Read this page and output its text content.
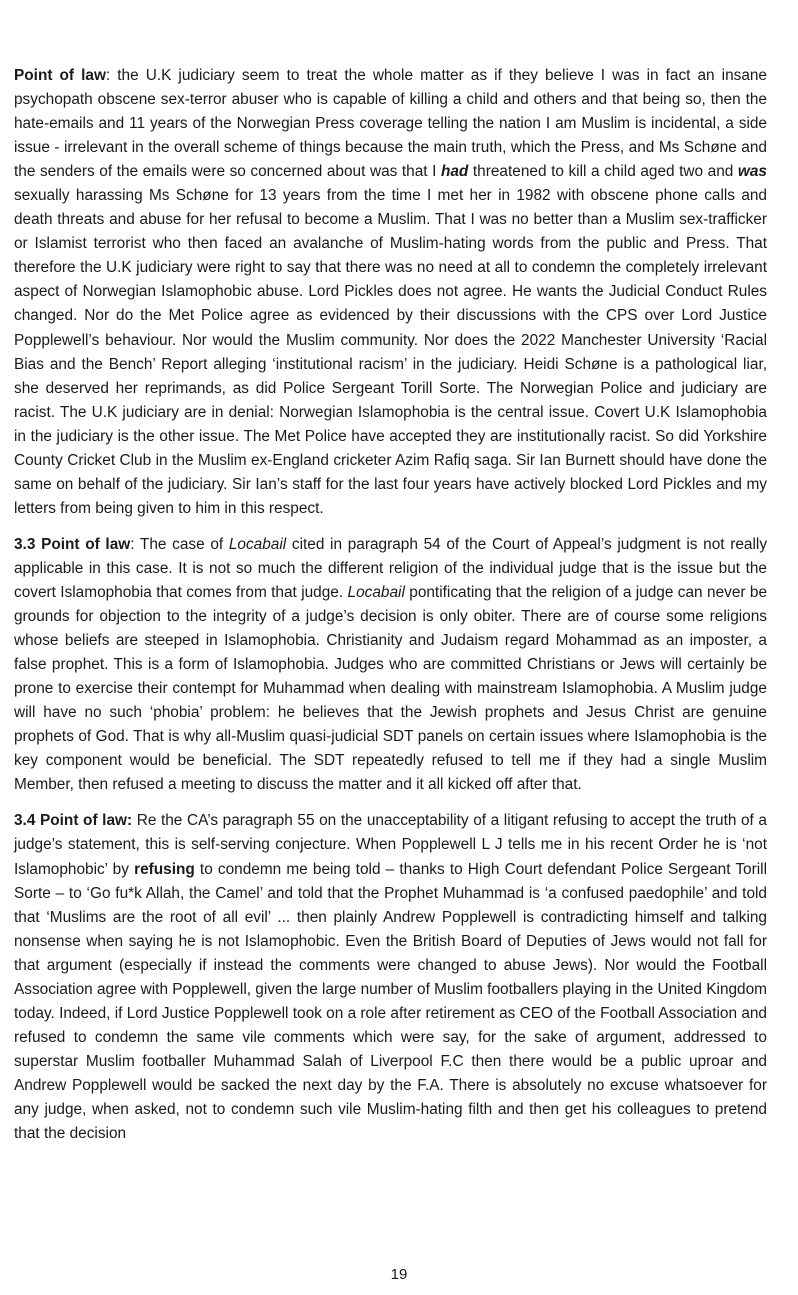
Point of law: the U.K judiciary seem to treat the whole matter as if they believe I was in fact an insane psychopath obscene sex-terror abuser who is capable of killing a child and others and that being so, then the hate-emails and 11 years of the Norwegian Press coverage telling the nation I am Muslim is incidental, a side issue - irrelevant in the overall scheme of things because the main truth, which the Press, and Ms Schøne and the senders of the emails were so concerned about was that I had threatened to kill a child aged two and was sexually harassing Ms Schøne for 13 years from the time I met her in 1982 with obscene phone calls and death threats and abuse for her refusal to become a Muslim. That I was no better than a Muslim sex-trafficker or Islamist terrorist who then faced an avalanche of Muslim-hating words from the public and Press. That therefore the U.K judiciary were right to say that there was no need at all to condemn the completely irrelevant aspect of Norwegian Islamophobic abuse. Lord Pickles does not agree. He wants the Judicial Conduct Rules changed. Nor do the Met Police agree as evidenced by their discussions with the CPS over Lord Justice Popplewell’s behaviour. Nor would the Muslim community. Nor does the 2022 Manchester University ‘Racial Bias and the Bench’ Report alleging ‘institutional racism’ in the judiciary. Heidi Schøne is a pathological liar, she deserved her reprimands, as did Police Sergeant Torill Sorte. The Norwegian Police and judiciary are racist. The U.K judiciary are in denial: Norwegian Islamophobia is the central issue. Covert U.K Islamophobia in the judiciary is the other issue. The Met Police have accepted they are institutionally racist. So did Yorkshire County Cricket Club in the Muslim ex-England cricketer Azim Rafiq saga. Sir Ian Burnett should have done the same on behalf of the judiciary. Sir Ian’s staff for the last four years have actively blocked Lord Pickles and my letters from being given to him in this respect.

3.3 Point of law: The case of Locabail cited in paragraph 54 of the Court of Appeal’s judgment is not really applicable in this case. It is not so much the different religion of the individual judge that is the issue but the covert Islamophobia that comes from that judge. Locabail pontificating that the religion of a judge can never be grounds for objection to the integrity of a judge’s decision is only obiter. There are of course some religions whose beliefs are steeped in Islamophobia. Christianity and Judaism regard Mohammad as an imposter, a false prophet. This is a form of Islamophobia. Judges who are committed Christians or Jews will certainly be prone to exercise their contempt for Muhammad when dealing with mainstream Islamophobia. A Muslim judge will have no such ‘phobia’ problem: he believes that the Jewish prophets and Jesus Christ are genuine prophets of God. That is why all-Muslim quasi-judicial SDT panels on certain issues where Islamophobia is the key component would be beneficial. The SDT repeatedly refused to tell me if they had a single Muslim Member, then refused a meeting to discuss the matter and it all kicked off after that.

3.4 Point of law: Re the CA’s paragraph 55 on the unacceptability of a litigant refusing to accept the truth of a judge’s statement, this is self-serving conjecture. When Popplewell L J tells me in his recent Order he is ‘not Islamophobic’ by refusing to condemn me being told – thanks to High Court defendant Police Sergeant Torill Sorte – to ‘Go fu*k Allah, the Camel’ and told that the Prophet Muhammad is ‘a confused paedophile’ and told that ‘Muslims are the root of all evil’ ... then plainly Andrew Popplewell is contradicting himself and talking nonsense when saying he is not Islamophobic. Even the British Board of Deputies of Jews would not fall for that argument (especially if instead the comments were changed to abuse Jews). Nor would the Football Association agree with Popplewell, given the large number of Muslim footballers playing in the United Kingdom today. Indeed, if Lord Justice Popplewell took on a role after retirement as CEO of the Football Association and refused to condemn the same vile comments which were say, for the sake of argument, addressed to superstar Muslim footballer Muhammad Salah of Liverpool F.C then there would be a public uproar and Andrew Popplewell would be sacked the next day by the F.A. There is absolutely no excuse whatsoever for any judge, when asked, not to condemn such vile Muslim-hating filth and then get his colleagues to pretend that the decision

19
